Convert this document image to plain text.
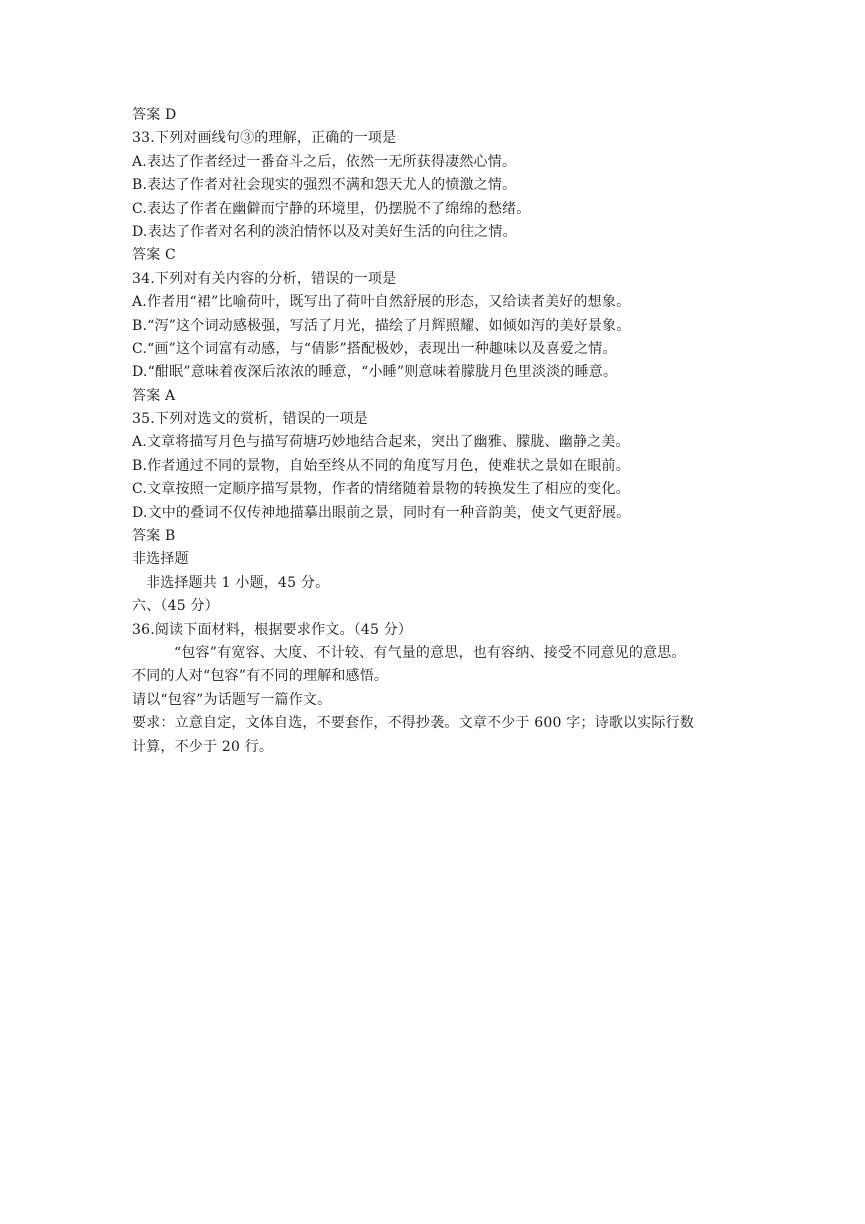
答案 D
33.下列对画线句③的理解，正确的一项是
A.表达了作者经过一番奋斗之后，依然一无所获得凄然心情。
B.表达了作者对社会现实的强烈不满和怨天尤人的愤激之情。
C.表达了作者在幽僻而宁静的环境里，仍摆脱不了绵绵的愁绪。
D.表达了作者对名利的淡泊情怀以及对美好生活的向往之情。
答案 C
34.下列对有关内容的分析，错误的一项是
A.作者用“裙”比喻荷叶，既写出了荷叶自然舒展的形态，又给读者美好的想象。
B.“泻”这个词动感极强，写活了月光，描绘了月辉照耀、如倾如泻的美好景象。
C.“画”这个词富有动感，与“倩影”搭配极妙，表现出一种趣味以及喜爱之情。
D.“酣眠”意味着夜深后浓浓的睡意，“小睡”则意味着朦胧月色里淡淡的睡意。
答案 A
35.下列对选文的赏析，错误的一项是
A.文章将描写月色与描写荷塘巧妙地结合起来，突出了幽雅、朦胧、幽静之美。
B.作者通过不同的景物，自始至终从不同的角度写月色，使难状之景如在眼前。
C.文章按照一定顺序描写景物，作者的情绪随着景物的转换发生了相应的变化。
D.文中的叠词不仅传神地描摹出眼前之景，同时有一种音韵美，使文气更舒展。
答案 B
非选择题
非选择题共 1 小题，45 分。
六、（45 分）
36.阅读下面材料，根据要求作文。（45 分）
“包容”有宽容、大度、不计较、有气量的意思，也有容纳、接受不同意见的意思。
不同的人对“包容”有不同的理解和感悟。
请以“包容”为话题写一篇作文。
要求：立意自定，文体自选，不要套作，不得抄袭。文章不少于 600 字；诗歌以实际行数
计算，不少于 20 行。
